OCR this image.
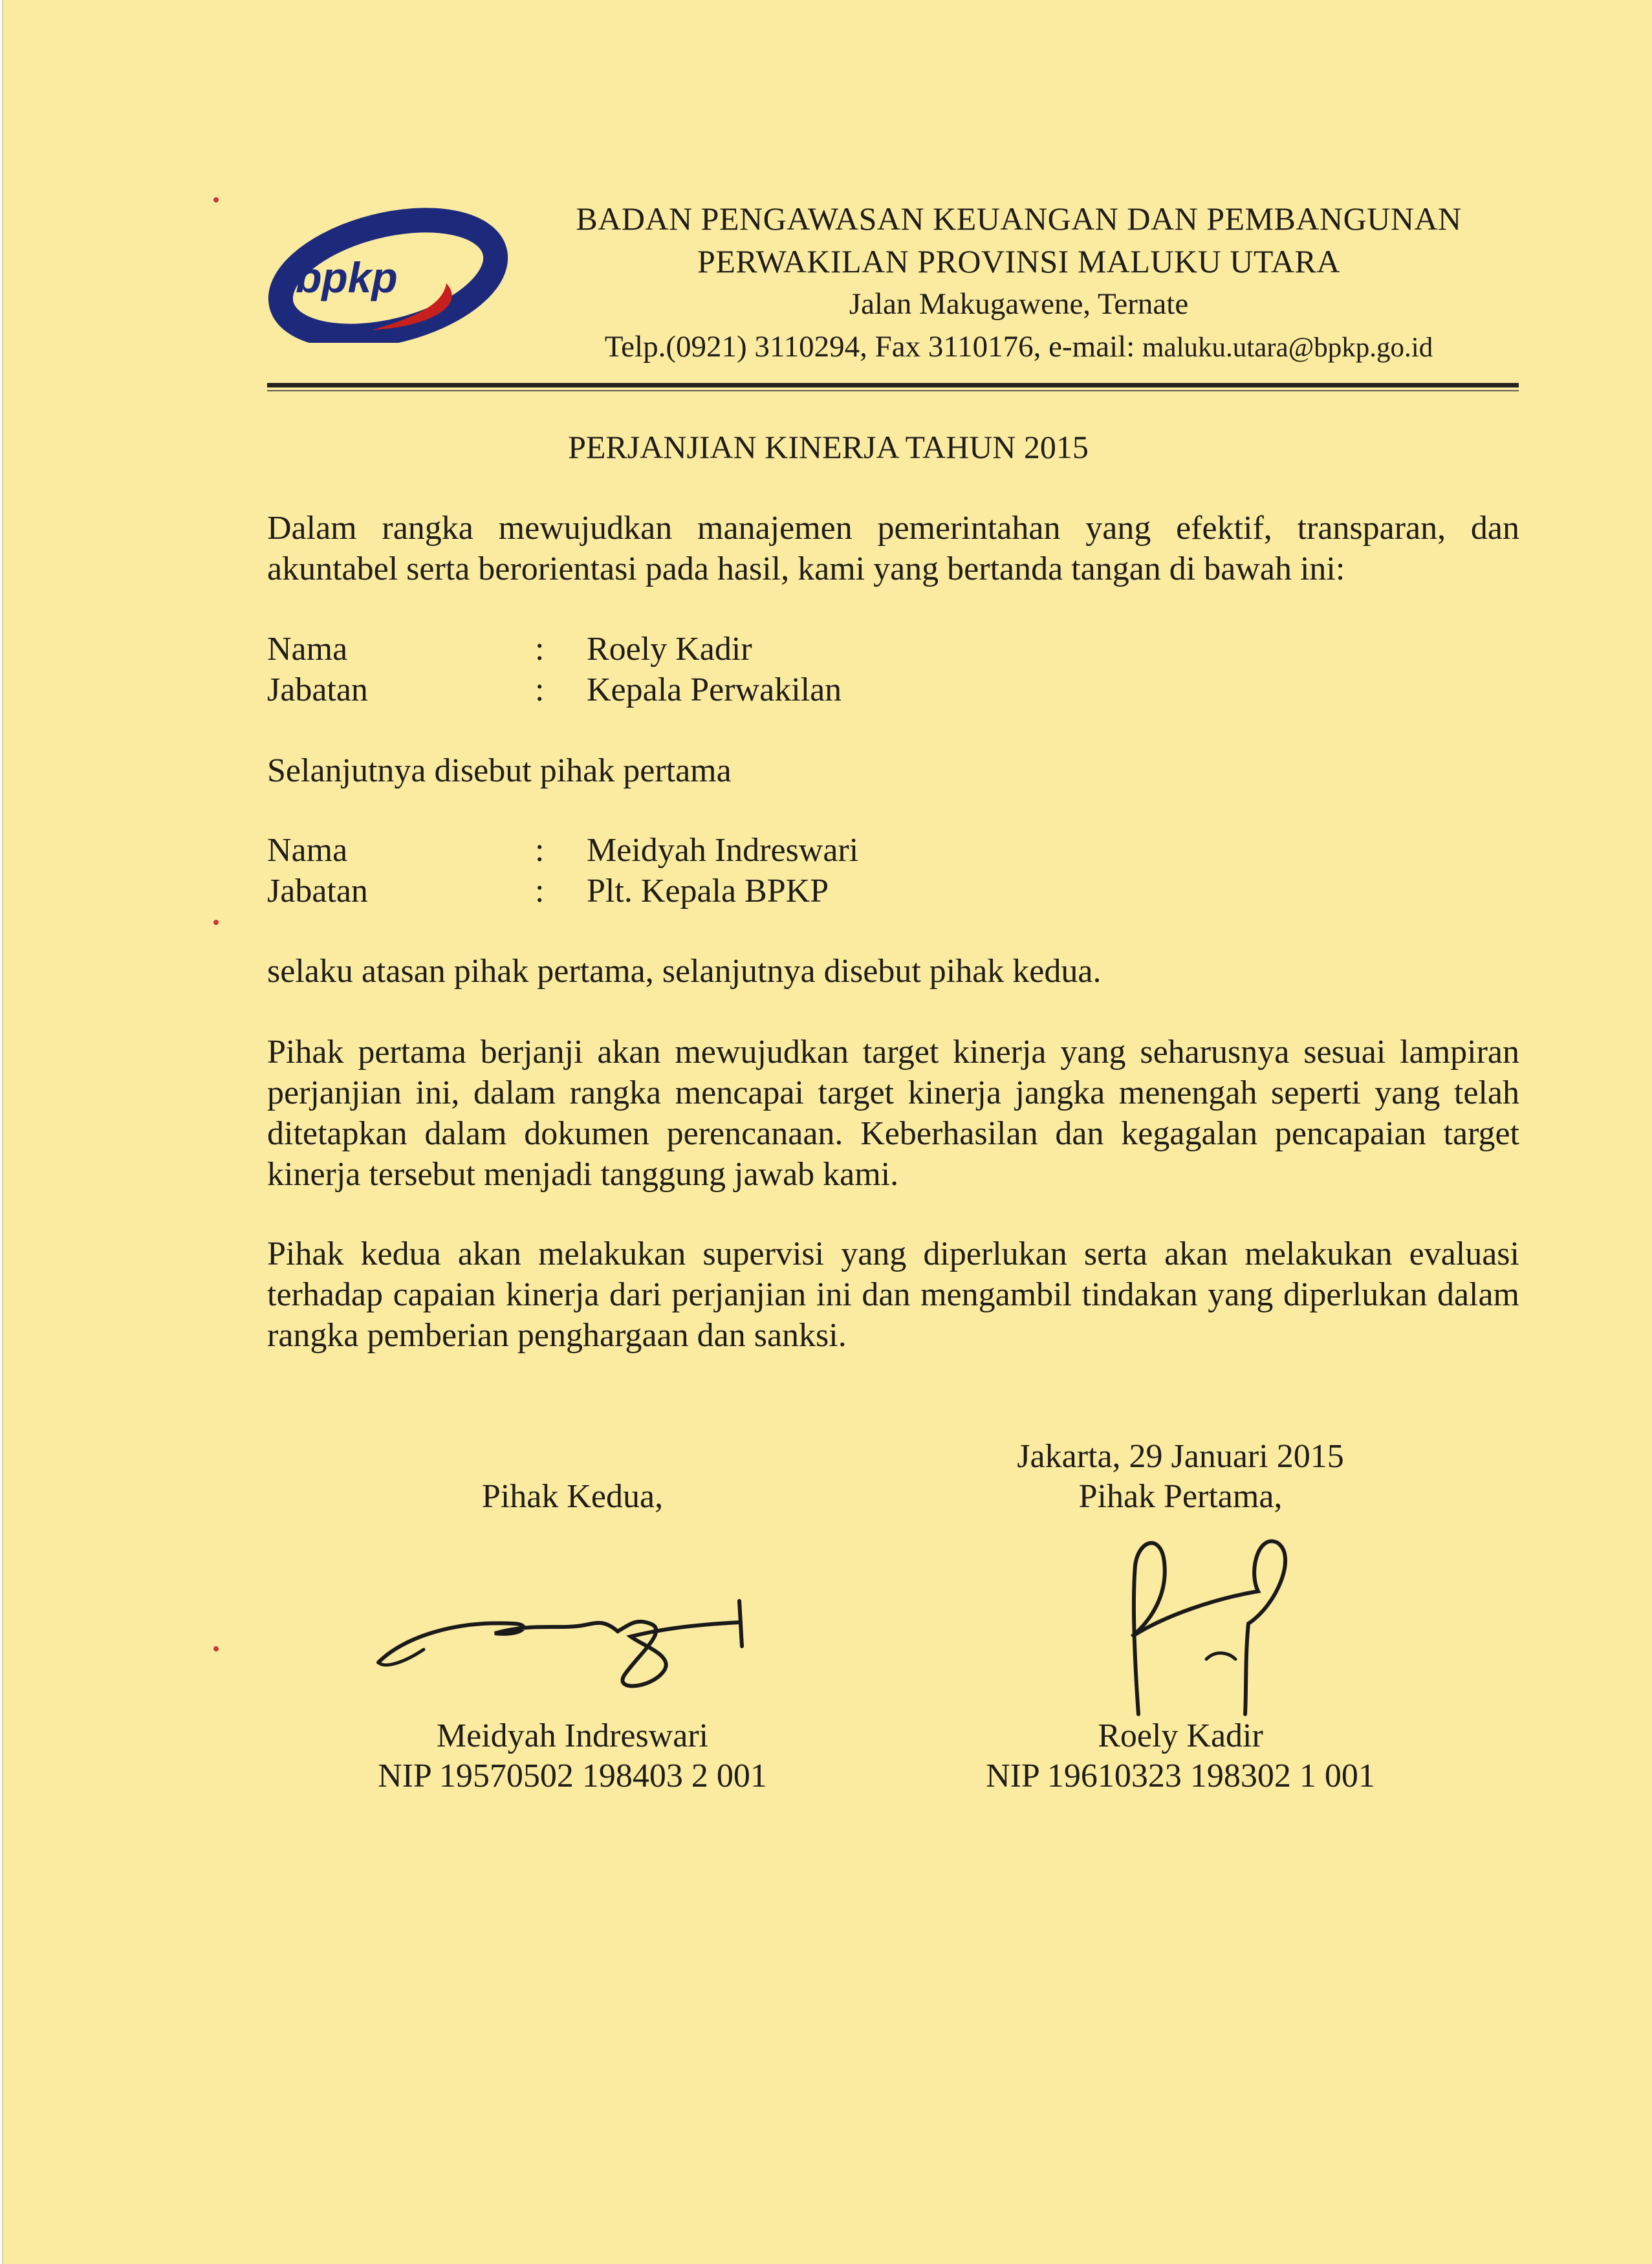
bpkp
BADAN PENGAWASAN KEUANGAN DAN PEMBANGUNAN
PERWAKILAN PROVINSI MALUKU UTARA
Jalan Makugawene, Ternate
Telp.(0921) 3110294, Fax 3110176, e-mail: maluku.utara@bpkp.go.id
PERJANJIAN KINERJA TAHUN 2015
Dalam rangka mewujudkan manajemen pemerintahan yang efektif, transparan, dan akuntabel serta berorientasi pada hasil, kami yang bertanda tangan di bawah ini:
Nama	: Roely Kadir
Jabatan	: Kepala Perwakilan
Selanjutnya disebut pihak pertama
Nama	: Meidyah Indreswari
Jabatan	: Plt. Kepala BPKP
selaku atasan pihak pertama, selanjutnya disebut pihak kedua.
Pihak pertama berjanji akan mewujudkan target kinerja yang seharusnya sesuai lampiran perjanjian ini, dalam rangka mencapai target kinerja jangka menengah seperti yang telah ditetapkan dalam dokumen perencanaan. Keberhasilan dan kegagalan pencapaian target kinerja tersebut menjadi tanggung jawab kami.
Pihak kedua akan melakukan supervisi yang diperlukan serta akan melakukan evaluasi terhadap capaian kinerja dari perjanjian ini dan mengambil tindakan yang diperlukan dalam rangka pemberian penghargaan dan sanksi.
Jakarta, 29 Januari 2015
Pihak Kedua,	Pihak Pertama,
Meidyah Indreswari
NIP 19570502 198403 2 001
Roely Kadir
NIP 19610323 198302 1 001
